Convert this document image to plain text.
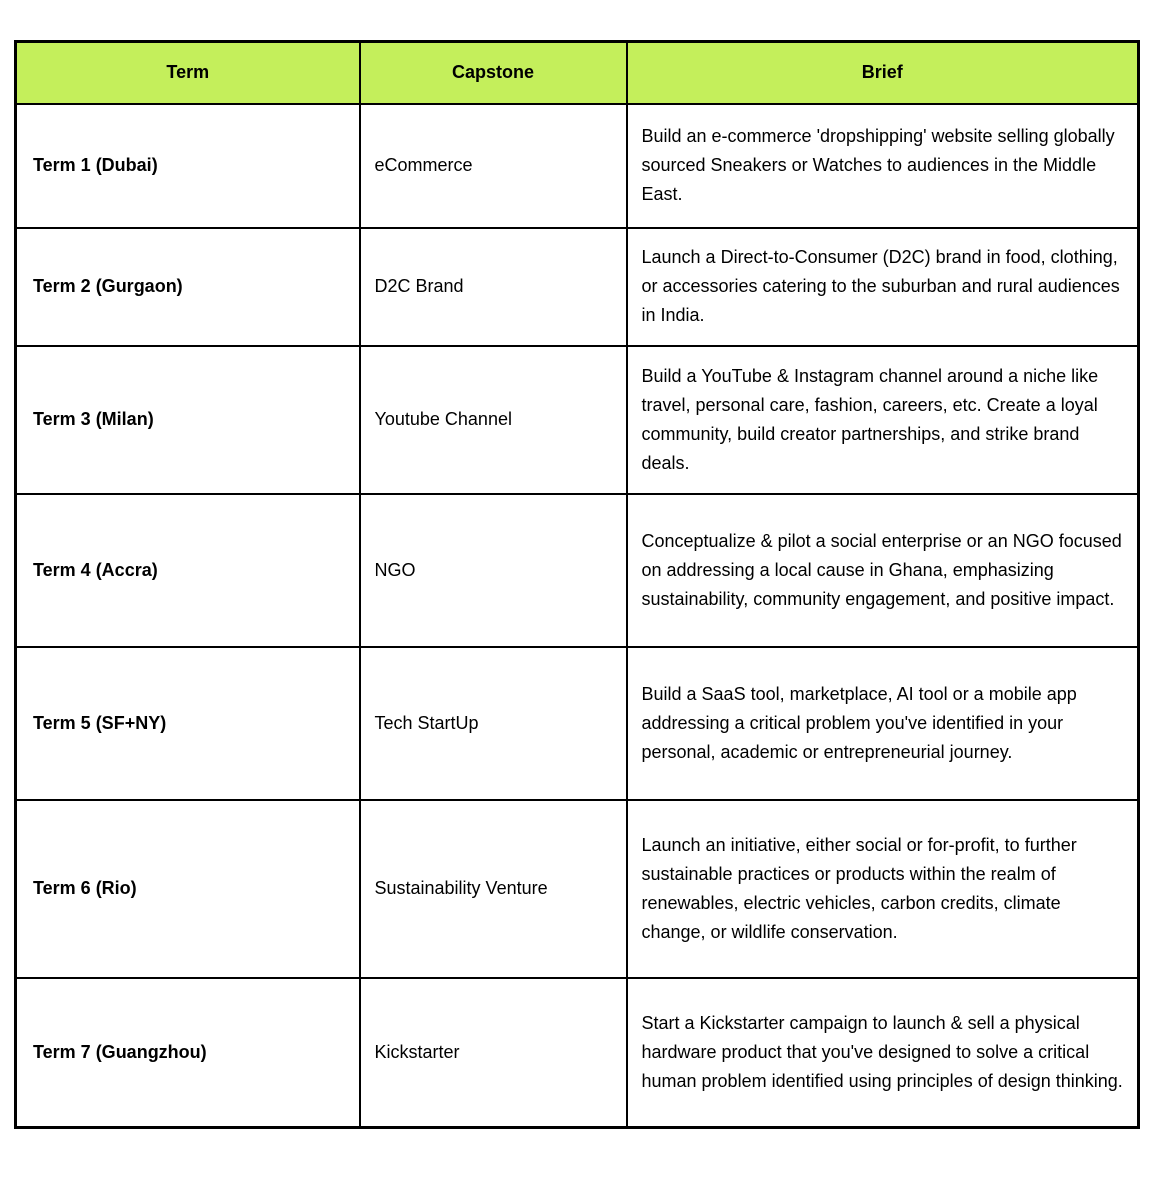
Term	Capstone	Brief
Term 1 (Dubai)	eCommerce	Build an e-commerce 'dropshipping' website selling globally sourced Sneakers or Watches to audiences in the Middle East.
Term 2 (Gurgaon)	D2C Brand	Launch a Direct-to-Consumer (D2C) brand in food, clothing, or accessories catering to the suburban and rural audiences in India.
Term 3 (Milan)	Youtube Channel	Build a YouTube & Instagram channel around a niche like travel, personal care, fashion, careers, etc. Create a loyal community, build creator partnerships, and strike brand deals.
Term 4 (Accra)	NGO	Conceptualize & pilot a social enterprise or an NGO focused on addressing a local cause in Ghana, emphasizing sustainability, community engagement, and positive impact.
Term 5 (SF+NY)	Tech StartUp	Build a SaaS tool, marketplace, AI tool or a mobile app addressing a critical problem you've identified in your personal, academic or entrepreneurial journey.
Term 6 (Rio)	Sustainability Venture	Launch an initiative, either social or for-profit, to further sustainable practices or products within the realm of renewables, electric vehicles, carbon credits, climate change, or wildlife conservation.
Term 7 (Guangzhou)	Kickstarter	Start a Kickstarter campaign to launch & sell a physical hardware product that you've designed to solve a critical human problem identified using principles of design thinking.
